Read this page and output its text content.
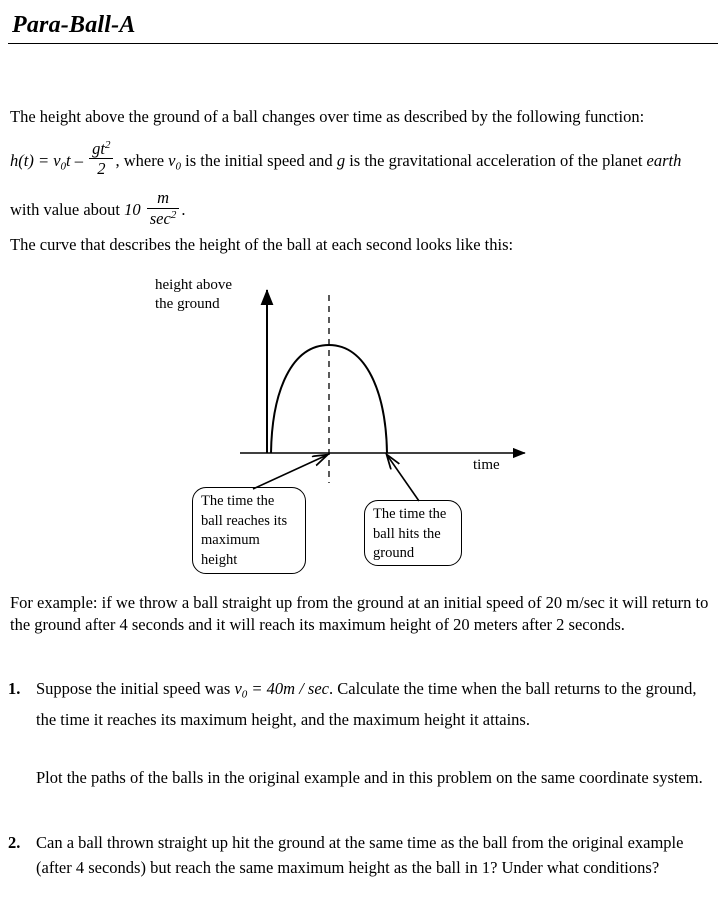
Para-Ball-A
The height above the ground of a ball changes over time as described by the following function: $h(t) = v_0t - \frac{gt^2}{2}$ , where $v_0$ is the initial speed and g is the gravitational acceleration of the planet earth with value about $10 \frac{m}{\sec^2}$ .
The curve that describes the height of the ball at each second looks like this:
height above
the ground
time
The time the ball reaches its maximum height
The time the ball hits the ground
For example: if we throw a ball straight up from the ground at an initial speed of 20 m/sec it will return to the ground after 4 seconds and it will reach its maximum height of 20 meters after 2 seconds.
1. Suppose the initial speed was $v_0 = 40m / \sec$. Calculate the time when the ball returns to the ground, the time it reaches its maximum height, and the maximum height it attains.
Plot the paths of the balls in the original example and in this problem on the same coordinate system.
2. Can a ball thrown straight up hit the ground at the same time as the ball from the original example (after 4 seconds) but reach the same maximum height as the ball in 1? Under what conditions?
